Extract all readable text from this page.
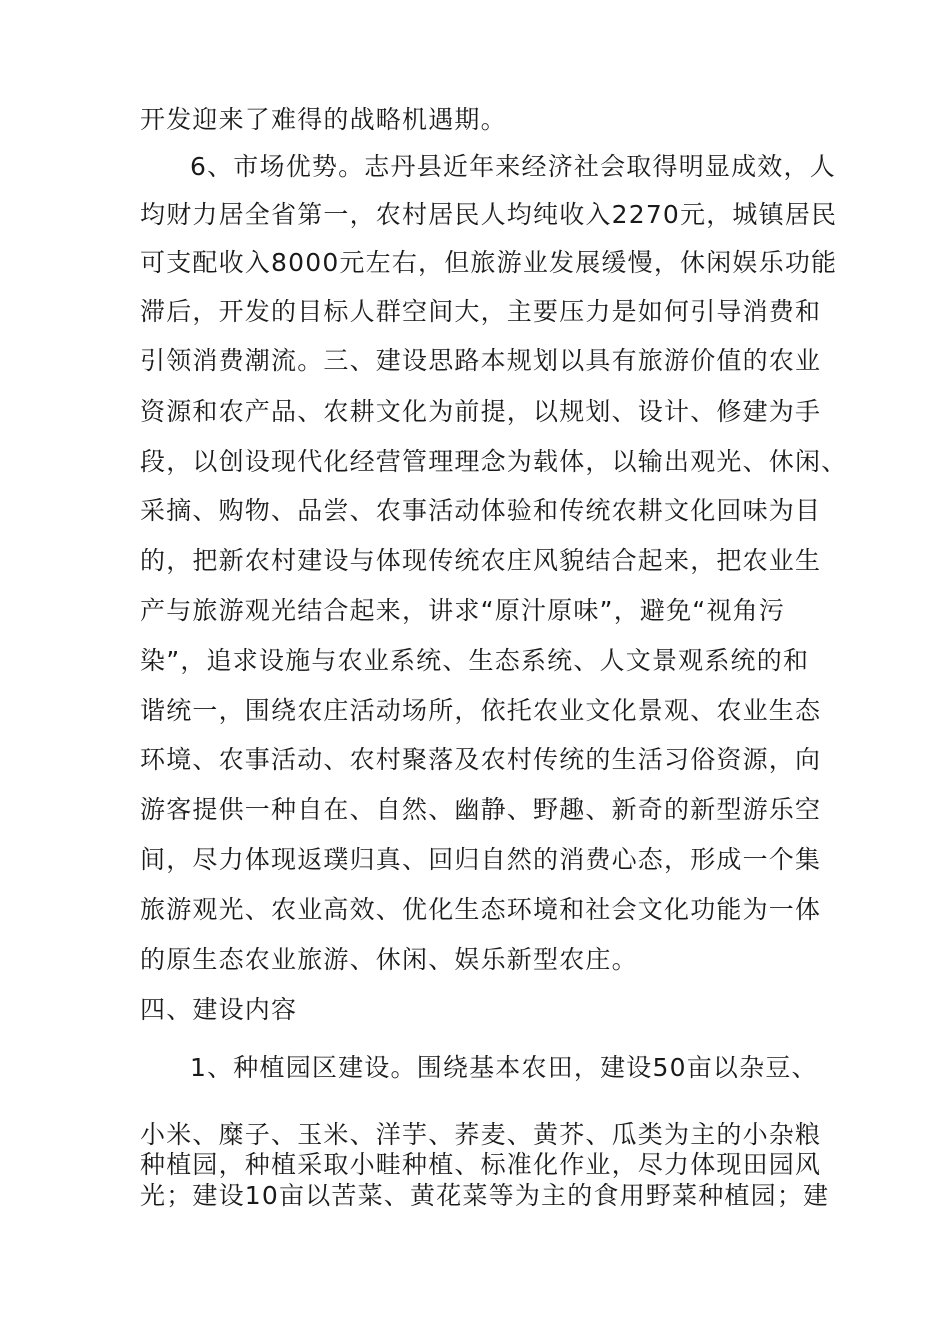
开发迎来了难得的战略机遇期。
6、市场优势。志丹县近年来经济社会取得明显成效，人
均财力居全省第一，农村居民人均纯收入2270元，城镇居民
可支配收入8000元左右，但旅游业发展缓慢，休闲娱乐功能
滞后，开发的目标人群空间大，主要压力是如何引导消费和
引领消费潮流。三、建设思路本规划以具有旅游价值的农业
资源和农产品、农耕文化为前提，以规划、设计、修建为手
段，以创设现代化经营管理理念为载体，以输出观光、休闲、
采摘、购物、品尝、农事活动体验和传统农耕文化回味为目
的，把新农村建设与体现传统农庄风貌结合起来，把农业生
产与旅游观光结合起来，讲求“原汁原味”，避免“视角污
染”，追求设施与农业系统、生态系统、人文景观系统的和
谐统一，围绕农庄活动场所，依托农业文化景观、农业生态
环境、农事活动、农村聚落及农村传统的生活习俗资源，向
游客提供一种自在、自然、幽静、野趣、新奇的新型游乐空
间，尽力体现返璞归真、回归自然的消费心态，形成一个集
旅游观光、农业高效、优化生态环境和社会文化功能为一体
的原生态农业旅游、休闲、娱乐新型农庄。
四、建设内容
1、种植园区建设。围绕基本农田，建设50亩以杂豆、
小米、糜子、玉米、洋芋、荞麦、黄芥、瓜类为主的小杂粮
种植园，种植采取小畦种植、标准化作业，尽力体现田园风
光；建设10亩以苦菜、黄花菜等为主的食用野菜种植园；建
